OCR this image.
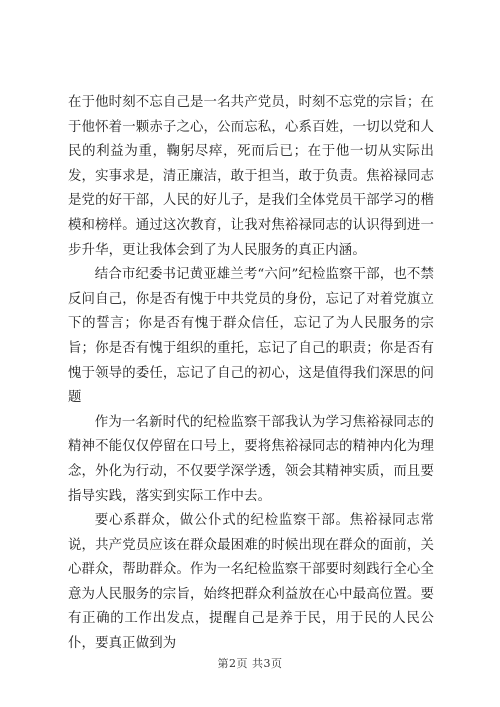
在于他时刻不忘自己是一名共产党员，时刻不忘党的宗旨；在于他怀着一颗赤子之心，公而忘私，心系百姓，一切以党和人民的利益为重，鞠躬尽瘁，死而后已；在于他一切从实际出发，实事求是，清正廉洁，敢于担当，敢于负责。焦裕禄同志是党的好干部，人民的好儿子，是我们全体党员干部学习的楷模和榜样。通过这次教育，让我对焦裕禄同志的认识得到进一步升华，更让我体会到了为人民服务的真正内涵。

结合市纪委书记黄亚雄兰考“六问”纪检监察干部，也不禁反问自己，你是否有愧于中共党员的身份，忘记了对着党旗立下的誓言；你是否有愧于群众信任，忘记了为人民服务的宗旨；你是否有愧于组织的重托，忘记了自己的职责；你是否有愧于领导的委任，忘记了自己的初心，这是值得我们深思的问题

作为一名新时代的纪检监察干部我认为学习焦裕禄同志的精神不能仅仅停留在口号上，要将焦裕禄同志的精神内化为理念，外化为行动，不仅要学深学透，领会其精神实质，而且要指导实践，落实到实际工作中去。

要心系群众，做公仆式的纪检监察干部。焦裕禄同志常说，共产党员应该在群众最困难的时候出现在群众的面前，关心群众，帮助群众。作为一名纪检监察干部要时刻践行全心全意为人民服务的宗旨，始终把群众利益放在心中最高位置。要有正确的工作出发点，提醒自己是养于民，用于民的人民公仆，要真正做到为

第2页 共3页
